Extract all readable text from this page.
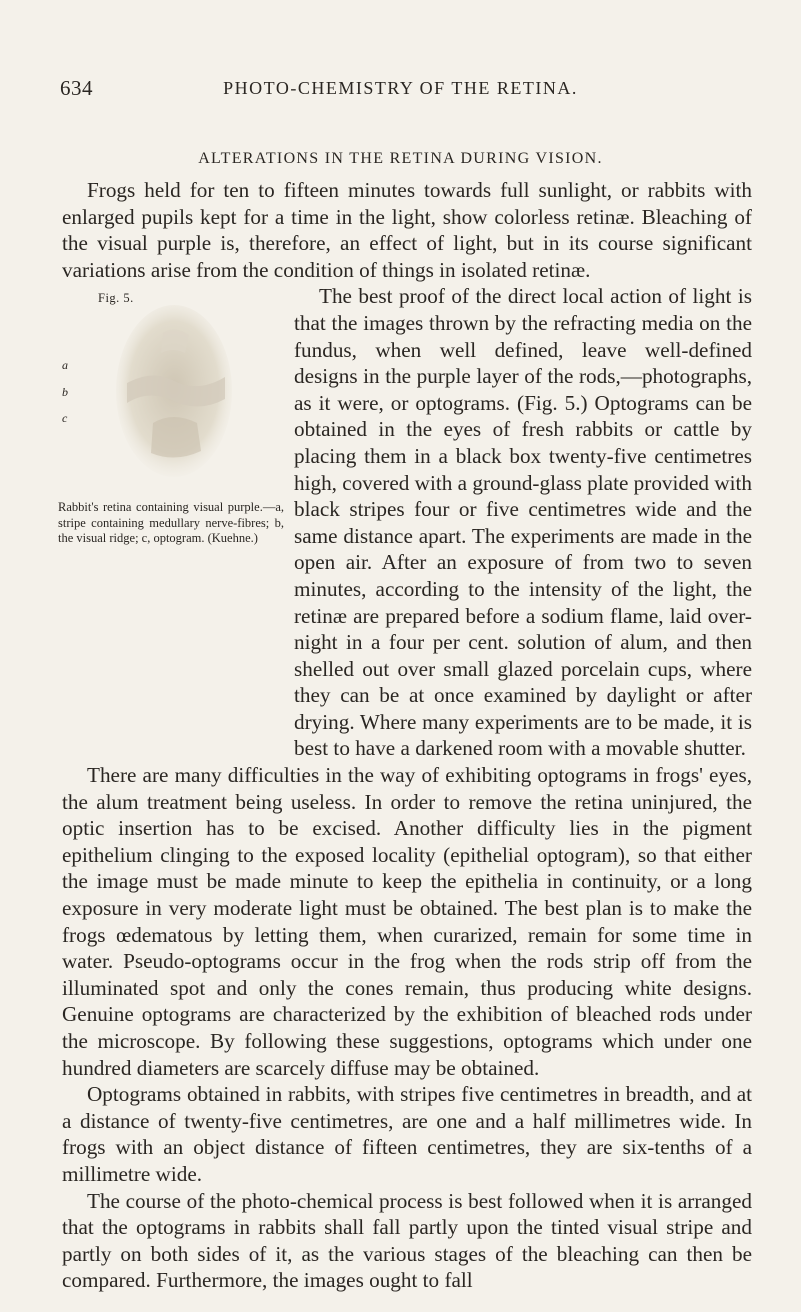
634	PHOTO-CHEMISTRY OF THE RETINA.
ALTERATIONS IN THE RETINA DURING VISION.

Frogs held for ten to fifteen minutes towards full sunlight, or rabbits with enlarged pupils kept for a time in the light, show colorless retinæ. Bleaching of the visual purple is, therefore, an effect of light, but in its course significant variations arise from the condition of things in isolated retinæ.

Fig. 5.
a
b
c
Rabbit's retina containing visual purple.—a, stripe containing medullary nerve-fibres; b, the visual ridge; c, optogram. (Kuehne.)

The best proof of the direct local action of light is that the images thrown by the refracting media on the fundus, when well defined, leave well-defined designs in the purple layer of the rods,—photographs, as it were, or optograms. (Fig. 5.) Optograms can be obtained in the eyes of fresh rabbits or cattle by placing them in a black box twenty-five centimetres high, covered with a ground-glass plate provided with black stripes four or five centimetres wide and the same distance apart. The experiments are made in the open air. After an exposure of from two to seven minutes, according to the intensity of the light, the retinæ are prepared before a sodium flame, laid over-night in a four per cent. solution of alum, and then shelled out over small glazed porcelain cups, where they can be at once examined by daylight or after drying. Where many experiments are to be made, it is best to have a darkened room with a movable shutter.

There are many difficulties in the way of exhibiting optograms in frogs' eyes, the alum treatment being useless. In order to remove the retina uninjured, the optic insertion has to be excised. Another difficulty lies in the pigment epithelium clinging to the exposed locality (epithelial optogram), so that either the image must be made minute to keep the epithelia in continuity, or a long exposure in very moderate light must be obtained. The best plan is to make the frogs œdematous by letting them, when curarized, remain for some time in water. Pseudo-optograms occur in the frog when the rods strip off from the illuminated spot and only the cones remain, thus producing white designs. Genuine optograms are characterized by the exhibition of bleached rods under the microscope. By following these suggestions, optograms which under one hundred diameters are scarcely diffuse may be obtained.

Optograms obtained in rabbits, with stripes five centimetres in breadth, and at a distance of twenty-five centimetres, are one and a half millimetres wide. In frogs with an object distance of fifteen centimetres, they are six-tenths of a millimetre wide.

The course of the photo-chemical process is best followed when it is arranged that the optograms in rabbits shall fall partly upon the tinted visual stripe and partly on both sides of it, as the various stages of the bleaching can then be compared. Furthermore, the images ought to fall
